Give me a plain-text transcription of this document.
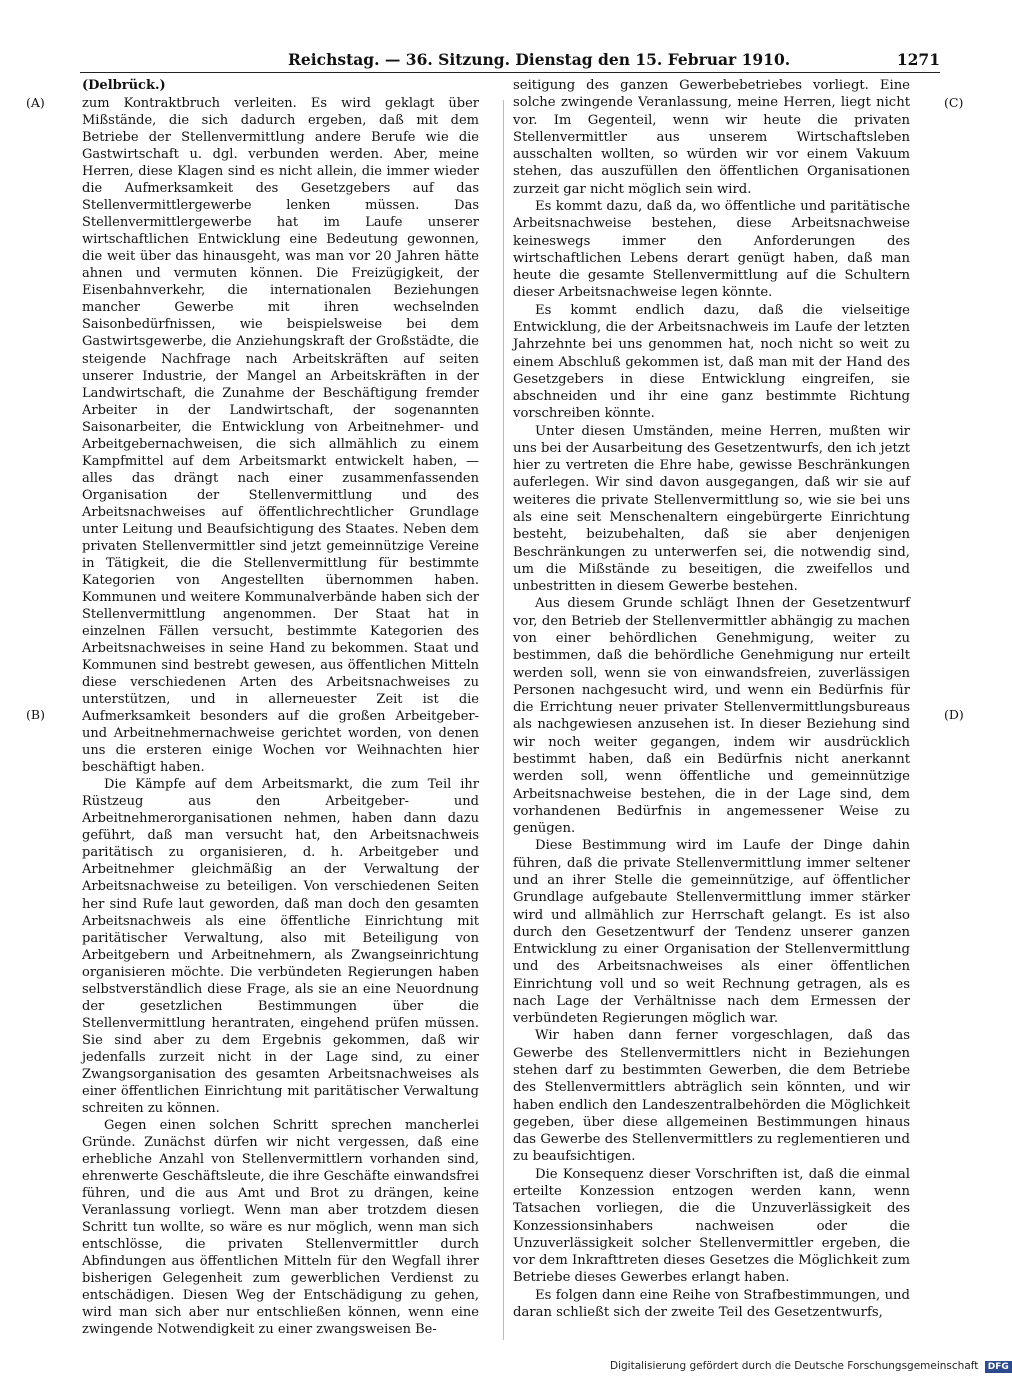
Reichstag. — 36. Sitzung. Dienstag den 15. Februar 1910.	1271
(A)
(B)
(C)
(D)
(Delbrück.)

zum Kontraktbruch verleiten. Es wird geklagt über Mißstände, die sich dadurch ergeben, daß mit dem Betriebe der Stellenvermittlung andere Berufe wie die Gastwirtschaft u. dgl. verbunden werden. Aber, meine Herren, diese Klagen sind es nicht allein, die immer wieder die Aufmerksamkeit des Gesetzgebers auf das Stellenvermittlergewerbe lenken müssen. Das Stellenvermittlergewerbe hat im Laufe unserer wirtschaftlichen Entwicklung eine Bedeutung gewonnen, die weit über das hinausgeht, was man vor 20 Jahren hätte ahnen und vermuten können. Die Freizügigkeit, der Eisenbahnverkehr, die internationalen Beziehungen mancher Gewerbe mit ihren wechselnden Saisonbedürfnissen, wie beispielsweise bei dem Gastwirtsgewerbe, die Anziehungskraft der Großstädte, die steigende Nachfrage nach Arbeitskräften auf seiten unserer Industrie, der Mangel an Arbeitskräften in der Landwirtschaft, die Zunahme der Beschäftigung fremder Arbeiter in der Landwirtschaft, der sogenannten Saisonarbeiter, die Entwicklung von Arbeitnehmer- und Arbeitgebernachweisen, die sich allmählich zu einem Kampfmittel auf dem Arbeitsmarkt entwickelt haben, — alles das drängt nach einer zusammenfassenden Organisation der Stellenvermittlung und des Arbeitsnachweises auf öffentlichrechtlicher Grundlage unter Leitung und Beaufsichtigung des Staates. Neben dem privaten Stellenvermittler sind jetzt gemeinnützige Vereine in Tätigkeit, die die Stellenvermittlung für bestimmte Kategorien von Angestellten übernommen haben. Kommunen und weitere Kommunalverbände haben sich der Stellenvermittlung angenommen. Der Staat hat in einzelnen Fällen versucht, bestimmte Kategorien des Arbeitsnachweises in seine Hand zu bekommen. Staat und Kommunen sind bestrebt gewesen, aus öffentlichen Mitteln diese verschiedenen Arten des Arbeitsnachweises zu unterstützen, und in allerneuester Zeit ist die Aufmerksamkeit besonders auf die großen Arbeitgeber- und Arbeitnehmernachweise gerichtet worden, von denen uns die ersteren einige Wochen vor Weihnachten hier beschäftigt haben.

Die Kämpfe auf dem Arbeitsmarkt, die zum Teil ihr Rüstzeug aus den Arbeitgeber- und Arbeitnehmerorganisationen nehmen, haben dann dazu geführt, daß man versucht hat, den Arbeitsnachweis paritätisch zu organisieren, d. h. Arbeitgeber und Arbeitnehmer gleichmäßig an der Verwaltung der Arbeitsnachweise zu beteiligen. Von verschiedenen Seiten her sind Rufe laut geworden, daß man doch den gesamten Arbeitsnachweis als eine öffentliche Einrichtung mit paritätischer Verwaltung, also mit Beteiligung von Arbeitgebern und Arbeitnehmern, als Zwangseinrichtung organisieren möchte. Die verbündeten Regierungen haben selbstverständlich diese Frage, als sie an eine Neuordnung der gesetzlichen Bestimmungen über die Stellenvermittlung herantraten, eingehend prüfen müssen. Sie sind aber zu dem Ergebnis gekommen, daß wir jedenfalls zurzeit nicht in der Lage sind, zu einer Zwangsorganisation des gesamten Arbeitsnachweises als einer öffentlichen Einrichtung mit paritätischer Verwaltung schreiten zu können.

Gegen einen solchen Schritt sprechen mancherlei Gründe. Zunächst dürfen wir nicht vergessen, daß eine erhebliche Anzahl von Stellenvermittlern vorhanden sind, ehrenwerte Geschäftsleute, die ihre Geschäfte einwandsfrei führen, und die aus Amt und Brot zu drängen, keine Veranlassung vorliegt. Wenn man aber trotzdem diesen Schritt tun wollte, so wäre es nur möglich, wenn man sich entschlösse, die privaten Stellenvermittler durch Abfindungen aus öffentlichen Mitteln für den Wegfall ihrer bisherigen Gelegenheit zum gewerblichen Verdienst zu entschädigen. Diesen Weg der Entschädigung zu gehen, wird man sich aber nur entschließen können, wenn eine zwingende Notwendigkeit zu einer zwangsweisen Be-

seitigung des ganzen Gewerbebetriebes vorliegt. Eine solche zwingende Veranlassung, meine Herren, liegt nicht vor. Im Gegenteil, wenn wir heute die privaten Stellenvermittler aus unserem Wirtschaftsleben ausschalten wollten, so würden wir vor einem Vakuum stehen, das auszufüllen den öffentlichen Organisationen zurzeit gar nicht möglich sein wird.

Es kommt dazu, daß da, wo öffentliche und paritätische Arbeitsnachweise bestehen, diese Arbeitsnachweise keineswegs immer den Anforderungen des wirtschaftlichen Lebens derart genügt haben, daß man heute die gesamte Stellenvermittlung auf die Schultern dieser Arbeitsnachweise legen könnte.

Es kommt endlich dazu, daß die vielseitige Entwicklung, die der Arbeitsnachweis im Laufe der letzten Jahrzehnte bei uns genommen hat, noch nicht so weit zu einem Abschluß gekommen ist, daß man mit der Hand des Gesetzgebers in diese Entwicklung eingreifen, sie abschneiden und ihr eine ganz bestimmte Richtung vorschreiben könnte.

Unter diesen Umständen, meine Herren, mußten wir uns bei der Ausarbeitung des Gesetzentwurfs, den ich jetzt hier zu vertreten die Ehre habe, gewisse Beschränkungen auferlegen. Wir sind davon ausgegangen, daß wir sie auf weiteres die private Stellenvermittlung so, wie sie bei uns als eine seit Menschenaltern eingebürgerte Einrichtung besteht, beizubehalten, daß sie aber denjenigen Beschränkungen zu unterwerfen sei, die notwendig sind, um die Mißstände zu beseitigen, die zweifellos und unbestritten in diesem Gewerbe bestehen.

Aus diesem Grunde schlägt Ihnen der Gesetzentwurf vor, den Betrieb der Stellenvermittler abhängig zu machen von einer behördlichen Genehmigung, weiter zu bestimmen, daß die behördliche Genehmigung nur erteilt werden soll, wenn sie von einwandsfreien, zuverlässigen Personen nachgesucht wird, und wenn ein Bedürfnis für die Errichtung neuer privater Stellenvermittlungsbureaus als nachgewiesen anzusehen ist. In dieser Beziehung sind wir noch weiter gegangen, indem wir ausdrücklich bestimmt haben, daß ein Bedürfnis nicht anerkannt werden soll, wenn öffentliche und gemeinnützige Arbeitsnachweise bestehen, die in der Lage sind, dem vorhandenen Bedürfnis in angemessener Weise zu genügen.

Diese Bestimmung wird im Laufe der Dinge dahin führen, daß die private Stellenvermittlung immer seltener und an ihrer Stelle die gemeinnützige, auf öffentlicher Grundlage aufgebaute Stellenvermittlung immer stärker wird und allmählich zur Herrschaft gelangt. Es ist also durch den Gesetzentwurf der Tendenz unserer ganzen Entwicklung zu einer Organisation der Stellenvermittlung und des Arbeitsnachweises als einer öffentlichen Einrichtung voll und so weit Rechnung getragen, als es nach Lage der Verhältnisse nach dem Ermessen der verbündeten Regierungen möglich war.

Wir haben dann ferner vorgeschlagen, daß das Gewerbe des Stellenvermittlers nicht in Beziehungen stehen darf zu bestimmten Gewerben, die dem Betriebe des Stellenvermittlers abträglich sein könnten, und wir haben endlich den Landeszentralbehörden die Möglichkeit gegeben, über diese allgemeinen Bestimmungen hinaus das Gewerbe des Stellenvermittlers zu reglementieren und zu beaufsichtigen.

Die Konsequenz dieser Vorschriften ist, daß die einmal erteilte Konzession entzogen werden kann, wenn Tatsachen vorliegen, die die Unzuverlässigkeit des Konzessionsinhabers nachweisen oder die Unzuverlässigkeit solcher Stellenvermittler ergeben, die vor dem Inkrafttreten dieses Gesetzes die Möglichkeit zum Betriebe dieses Gewerbes erlangt haben.

Es folgen dann eine Reihe von Strafbestimmungen, und daran schließt sich der zweite Teil des Gesetzentwurfs,

Digitalisierung gefördert durch die Deutsche Forschungsgemeinschaft DFG
